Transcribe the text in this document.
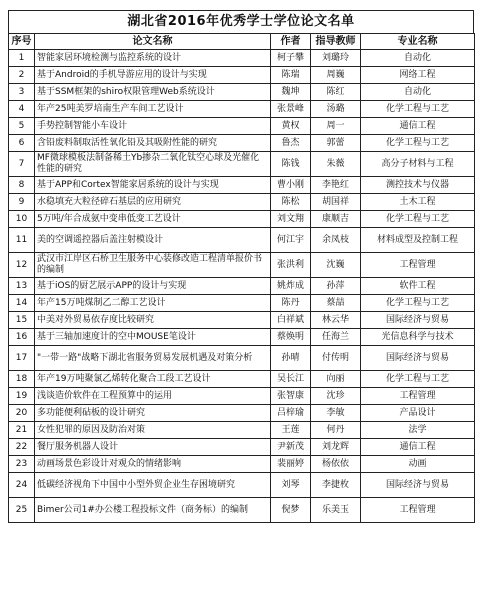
湖北省2016年优秀学士学位论文名单
序号	论文名称	作者	指导教师	专业名称
1	智能家居环境检测与监控系统的设计	柯子攀	刘璐玲	自动化
2	基于Android的手机导游应用的设计与实现	陈瑞	周巍	网络工程
3	基于SSM框架的shiro权限管理Web系统设计	魏坤	陈红	自动化
4	年产25吨美罗培南生产车间工艺设计	张景峰	汤璐	化学工程与工艺
5	手势控制智能小车设计	黄权	周一	通信工程
6	含铅废料制取活性氧化铅及其吸附性能的研究	鲁杰	郭蕾	化学工程与工艺
7	MF微球模板法制备稀土Yb掺杂二氧化钛空心球及光催化性能的研究	陈钱	朱薇	高分子材料与工程
8	基于APP和Cortex智能家居系统的设计与实现	曹小刚	李艳红	测控技术与仪器
9	水稳填充大粒径碎石基层的应用研究	陈松	胡国祥	土木工程
10	5万吨/年合成氨中变串低变工艺设计	刘文翔	康顺吉	化学工程与工艺
11	美的空调遥控器后盖注射模设计	何江宇	余凤枝	材料成型及控制工程
12	武汉市江岸区石桥卫生服务中心装修改造工程清单报价书的编制	张洪利	沈巍	工程管理
13	基于iOS的厨艺展示APP的设计与实现	姚炸成	孙萍	软件工程
14	年产15万吨煤制乙二醇工艺设计	陈丹	蔡喆	化学工程与工艺
15	中美对外贸易依存度比较研究	白祥斌	林云华	国际经济与贸易
16	基于三轴加速度计的空中MOUSE笔设计	蔡焕明	任海兰	光信息科学与技术
17	"一带一路"战略下湖北省服务贸易发展机遇及对策分析	孙晴	付传明	国际经济与贸易
18	年产19万吨聚氯乙烯转化聚合工段工艺设计	吴长江	向丽	化学工程与工艺
19	浅谈造价软件在工程预算中的运用	张智康	沈珍	工程管理
20	多功能便利砧板的设计研究	吕梓瑜	李敏	产品设计
21	女性犯罪的原因及防治对策	王莲	何丹	法学
22	餐厅服务机器人设计	尹新茂	刘龙辉	通信工程
23	动画场景色彩设计对观众的情绪影响	裴丽婷	杨依依	动画
24	低碳经济视角下中国中小型外贸企业生存困境研究	刘琴	李捷枚	国际经济与贸易
25	Bimer公司1#办公楼工程投标文件（商务标）的编制	倪梦	乐美玉	工程管理
